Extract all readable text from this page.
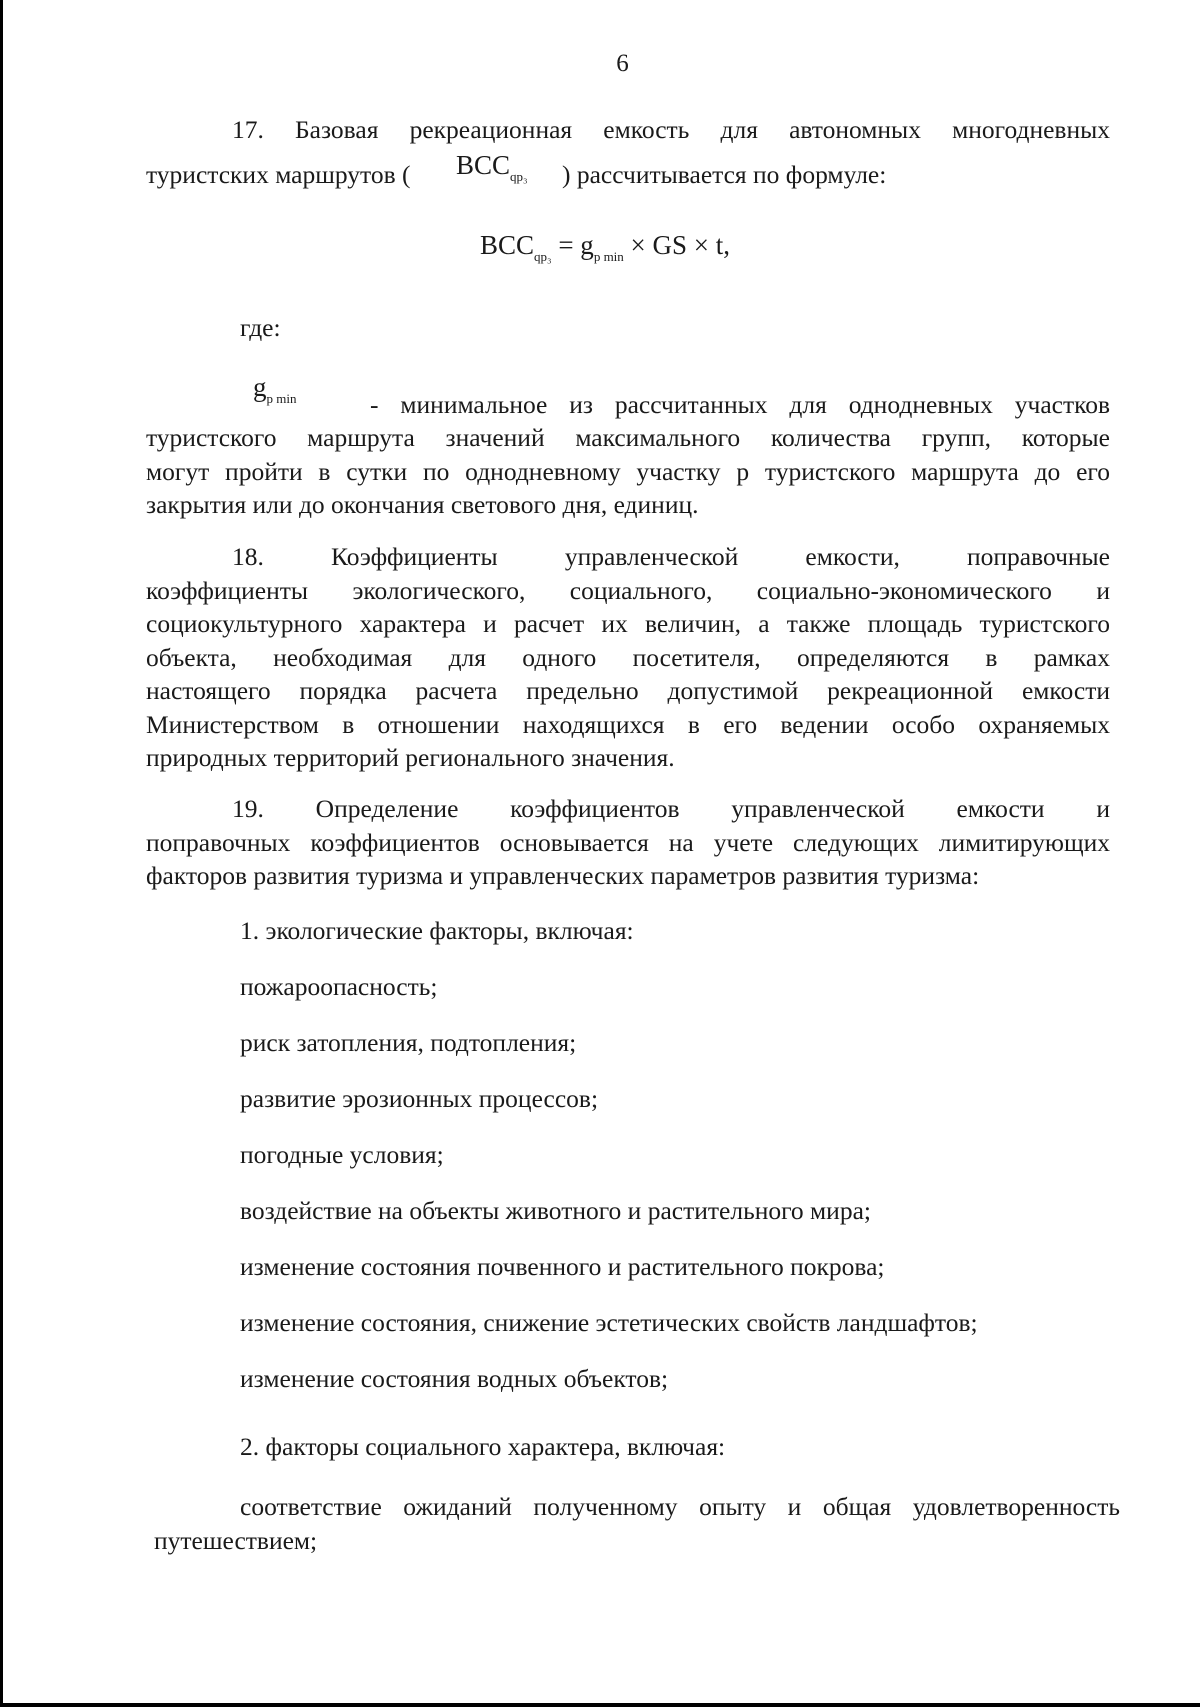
6
17. Базовая рекреационная емкость для автономных многодневных
туристских маршрутов ( $BCC_{qp_3}$ ) рассчитывается по формуле:
$BCC_{qp_3} = g_{p min}$ × GS × t,
где:
$g_{p min}$	- минимальное из рассчитанных для однодневных участков
туристского маршрута значений максимального количества групп, которые
могут пройти в сутки по однодневному участку p туристского маршрута до его
закрытия или до окончания светового дня, единиц.
18. Коэффициенты управленческой емкости, поправочные
коэффициенты экологического, социального, социально-экономического и
социокультурного характера и расчет их величин, а также площадь туристского
объекта, необходимая для одного посетителя, определяются в рамках
настоящего порядка расчета предельно допустимой рекреационной емкости
Министерством в отношении находящихся в его ведении особо охраняемых
природных территорий регионального значения.
19. Определение коэффициентов управленческой емкости и
поправочных коэффициентов основывается на учете следующих лимитирующих
факторов развития туризма и управленческих параметров развития туризма:
1. экологические факторы, включая:
пожароопасность;
риск затопления, подтопления;
развитие эрозионных процессов;
погодные условия;
воздействие на объекты животного и растительного мира;
изменение состояния почвенного и растительного покрова;
изменение состояния, снижение эстетических свойств ландшафтов;
изменение состояния водных объектов;
2. факторы социального характера, включая:
соответствие ожиданий полученному опыту и общая удовлетворенность
путешествием;
